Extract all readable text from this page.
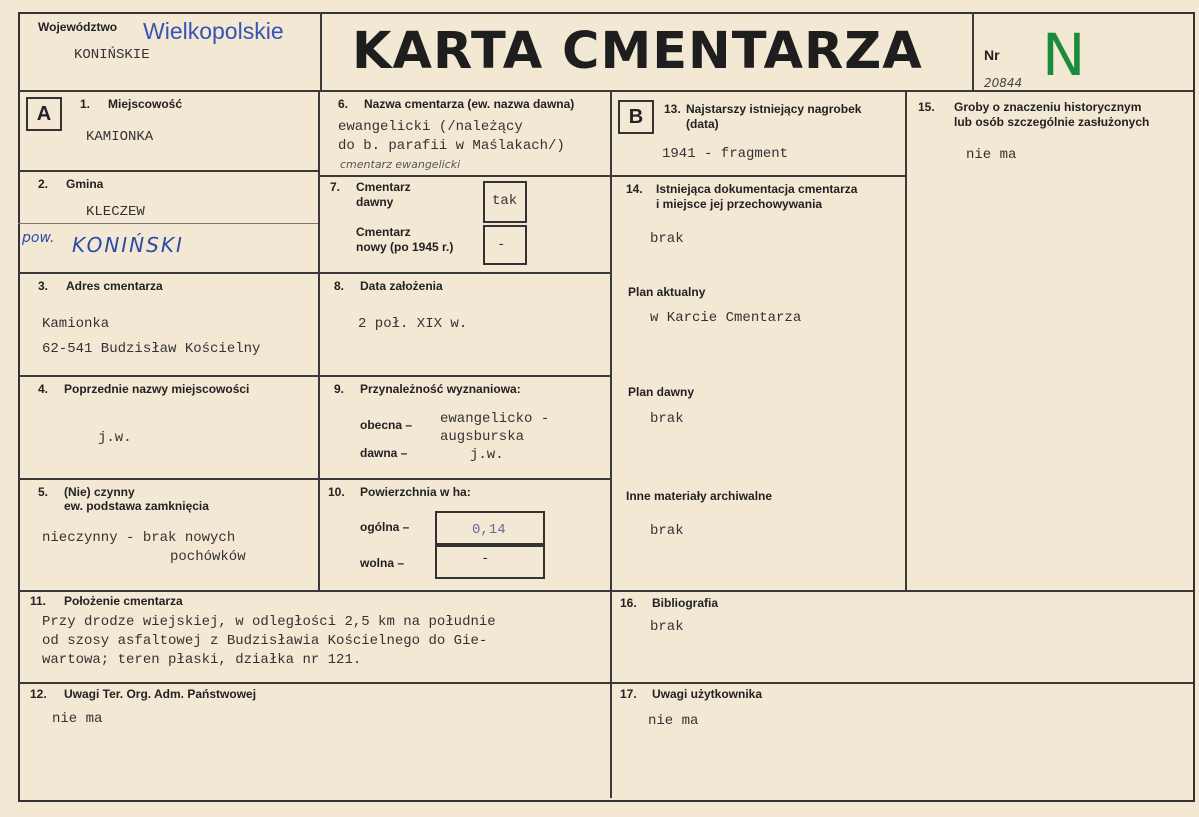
Województwo Wielkopolskie
KONIŃSKIE	KARTA CMENTARZA	Nr N
20844
A	1. Miejscowość
KAMIONKA
2. Gmina
KLECZEW
pow. KONIŃSKI
3. Adres cmentarza
Kamionka
62-541 Budzisław Kościelny
4. Poprzednie nazwy miejscowości
j.w.
5. (Nie) czynny
ew. podstawa zamknięcia
nieczynny - brak nowych
pochówków
6. Nazwa cmentarza (ew. nazwa dawna)
ewangelicki (/należący
do b. parafii w Maślakach/)
cmentarz ewangelicki
7. Cmentarz
dawny	tak
Cmentarz
nowy (po 1945 r.)	-
8. Data założenia
2 poł. XIX w.
9. Przynależność wyznaniowa:
obecna – ewangelicko -
augsburska
dawna –	j.w.
10. Powierzchnia w ha:
ogólna –	0,14
wolna –	-
B	13. Najstarszy istniejący nagrobek
(data)
1941 - fragment
14. Istniejąca dokumentacja cmentarza
i miejsce jej przechowywania
brak
Plan aktualny
w Karcie Cmentarza
Plan dawny
brak
Inne materiały archiwalne
brak
15. Groby o znaczeniu historycznym
lub osób szczególnie zasłużonych
nie ma
11. Położenie cmentarza
Przy drodze wiejskiej, w odległości 2,5 km na południe
od szosy asfaltowej z Budzisławia Kościelnego do Gie-
wartowa; teren płaski, działka nr 121.
16. Bibliografia
brak
12. Uwagi Ter. Org. Adm. Państwowej
nie ma
17. Uwagi użytkownika
nie ma
